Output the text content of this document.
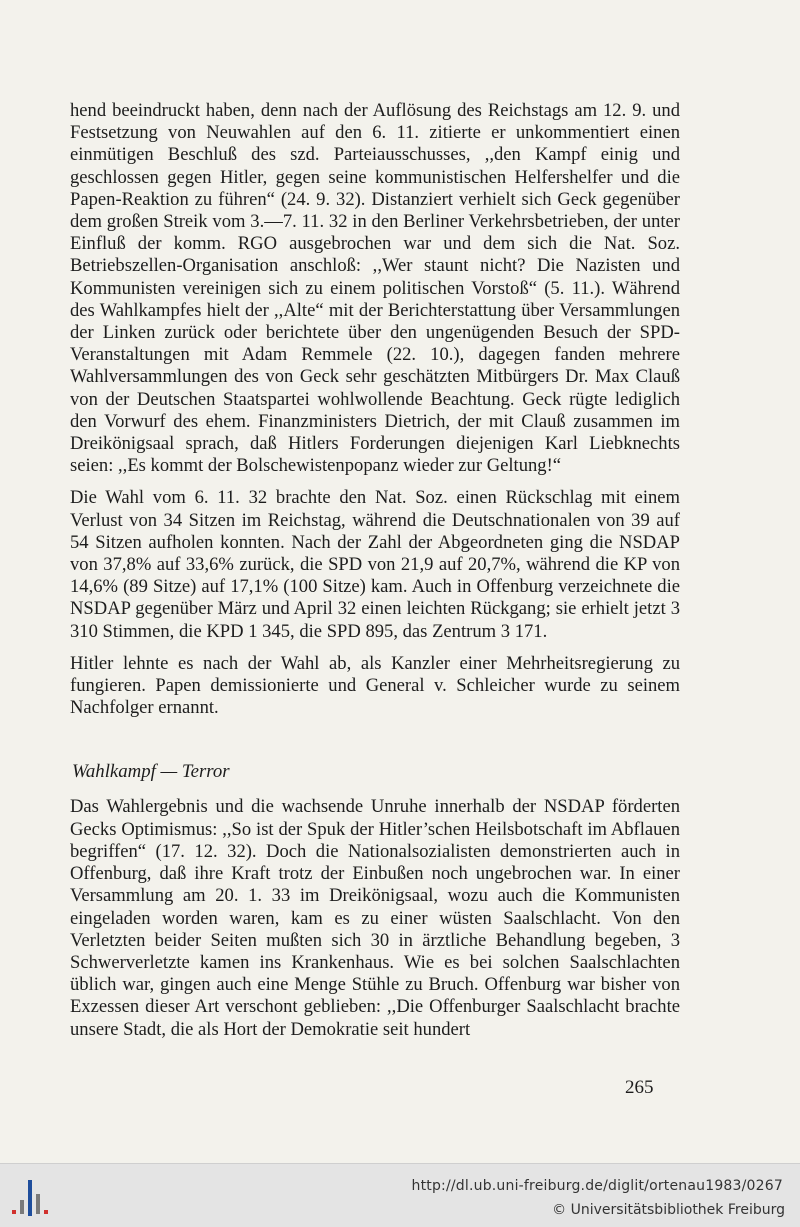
hend beeindruckt haben, denn nach der Auflösung des Reichstags am 12. 9. und Festsetzung von Neuwahlen auf den 6. 11. zitierte er unkommentiert einen einmütigen Beschluß des szd. Parteiausschusses, ,,den Kampf einig und geschlossen gegen Hitler, gegen seine kommunistischen Helfershelfer und die Papen-Reaktion zu führen“ (24. 9. 32). Distanziert verhielt sich Geck gegenüber dem großen Streik vom 3.—7. 11. 32 in den Berliner Verkehrsbetrieben, der unter Einfluß der komm. RGO ausgebrochen war und dem sich die Nat. Soz. Betriebszellen-Organisation anschloß: ,,Wer staunt nicht? Die Nazisten und Kommunisten vereinigen sich zu einem politischen Vorstoß“ (5. 11.). Während des Wahlkampfes hielt der ,,Alte“ mit der Berichterstattung über Versammlungen der Linken zurück oder berichtete über den ungenügenden Besuch der SPD-Veranstaltungen mit Adam Remmele (22. 10.), dagegen fanden mehrere Wahlversammlungen des von Geck sehr geschätzten Mitbürgers Dr. Max Clauß von der Deutschen Staatspartei wohlwollende Beachtung. Geck rügte lediglich den Vorwurf des ehem. Finanzministers Dietrich, der mit Clauß zusammen im Dreikönigsaal sprach, daß Hitlers Forderungen diejenigen Karl Liebknechts seien: ,,Es kommt der Bolschewistenpopanz wieder zur Geltung!“

Die Wahl vom 6. 11. 32 brachte den Nat. Soz. einen Rückschlag mit einem Verlust von 34 Sitzen im Reichstag, während die Deutschnationalen von 39 auf 54 Sitzen aufholen konnten. Nach der Zahl der Abgeordneten ging die NSDAP von 37,8% auf 33,6% zurück, die SPD von 21,9 auf 20,7%, während die KP von 14,6% (89 Sitze) auf 17,1% (100 Sitze) kam. Auch in Offenburg verzeichnete die NSDAP gegenüber März und April 32 einen leichten Rückgang; sie erhielt jetzt 3 310 Stimmen, die KPD 1 345, die SPD 895, das Zentrum 3 171.

Hitler lehnte es nach der Wahl ab, als Kanzler einer Mehrheitsregierung zu fungieren. Papen demissionierte und General v. Schleicher wurde zu seinem Nachfolger ernannt.

Wahlkampf — Terror

Das Wahlergebnis und die wachsende Unruhe innerhalb der NSDAP förderten Gecks Optimismus: ,,So ist der Spuk der Hitler’schen Heilsbotschaft im Abflauen begriffen“ (17. 12. 32). Doch die Nationalsozialisten demonstrierten auch in Offenburg, daß ihre Kraft trotz der Einbußen noch ungebrochen war. In einer Versammlung am 20. 1. 33 im Dreikönigsaal, wozu auch die Kommunisten eingeladen worden waren, kam es zu einer wüsten Saalschlacht. Von den Verletzten beider Seiten mußten sich 30 in ärztliche Behandlung begeben, 3 Schwerverletzte kamen ins Krankenhaus. Wie es bei solchen Saalschlachten üblich war, gingen auch eine Menge Stühle zu Bruch. Offenburg war bisher von Exzessen dieser Art verschont geblieben: ,,Die Offenburger Saalschlacht brachte unsere Stadt, die als Hort der Demokratie seit hundert

265
http://dl.ub.uni-freiburg.de/diglit/ortenau1983/0267
© Universitätsbibliothek Freiburg
